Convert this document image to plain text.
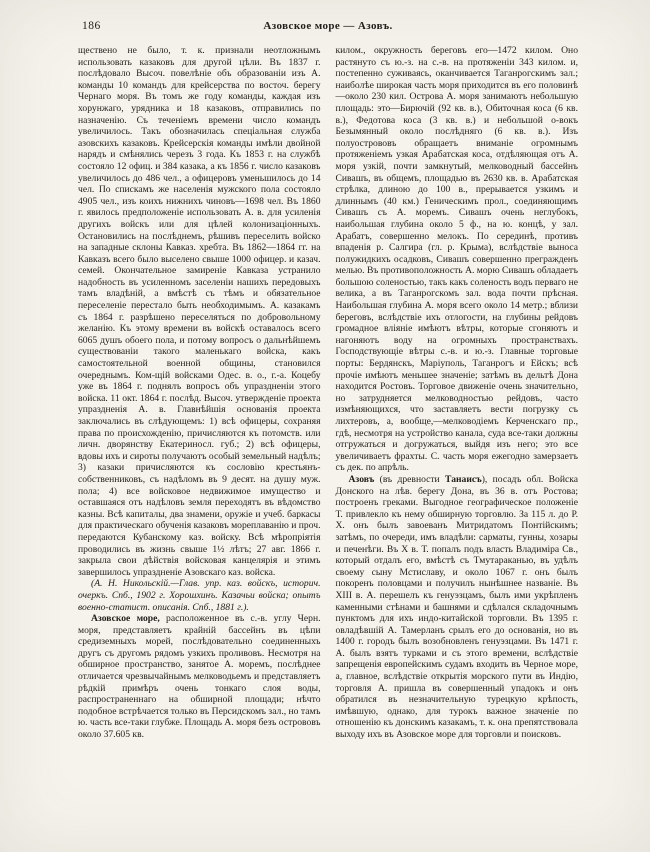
186	Азовское море — Азовъ.

ществено не было, т. к. признали неотложнымъ использовать казаковъ для другой цѣли. Въ 1837 г. послѣдовало Высоч. повелѣніе объ образованіи изъ А. команды 10 командъ для крейсерства по восточ. берегу Чернаго моря. Въ томъ же году команды, каждая изъ хорунжаго, урядника и 18 казаковъ, отправились по назначенію. Съ теченіемъ времени число командъ увеличилось. Такъ обозначилась спеціальная служба азовскихъ казаковъ. Крейсерскія команды имѣли двойной нарядъ и смѣнялись черезъ 3 года. Къ 1853 г. на службѣ состояло 12 офиц. и 384 казака, а къ 1856 г. число казаковъ увеличилось до 486 чел., а офицеровъ уменьшилось до 14 чел. По спискамъ же населенія мужского пола состояло 4905 чел., изъ коихъ нижнихъ чиновъ—1698 чел. Въ 1860 г. явилось предположеніе использовать А. в. для усиленія другихъ войскъ или для цѣлей колонизаціонныхъ. Остановились на послѣднемъ, рѣшивъ переселить войско на западные склоны Кавказ. хребта. Въ 1862—1864 гг. на Кавказъ всего было выселено свыше 1000 офицер. и казач. семей. Окончательное замиреніе Кавказа устранило надобность въ усиленномъ заселеніи нашихъ передовыхъ тамъ владѣній, а вмѣстѣ съ тѣмъ и обязательное переселеніе перестало быть необходимымъ. А. казакамъ съ 1864 г. разрѣшено переселяться по добровольному желанію. Къ этому времени въ войскѣ оставалось всего 6065 душъ обоего пола, и потому вопросъ о дальнѣйшемъ существованіи такого маленькаго войска, какъ самостоятельной военной общины, становился очереднымъ. Ком-щій войсками Одес. в. о., г.-а. Коцебу уже въ 1864 г. поднялъ вопросъ объ упраздненіи этого войска. 11 окт. 1864 г. послѣд. Высоч. утвержденіе проекта упраздненія А. в. Главнѣйшія основанія проекта заключались въ слѣдующемъ: 1) всѣ офицеры, сохраняя права по происхожденію, причисляются къ потомств. или личн. дворянству Екатериносл. губ.; 2) всѣ офицеры, вдовы ихъ и сироты получаютъ особый земельный надѣлъ; 3) казаки причисляются къ сословію крестьянъ-собственниковъ, съ надѣломъ въ 9 десят. на душу муж. пола; 4) все войсковое недвижимое имущество и оставшаяся отъ надѣловъ земля переходятъ въ вѣдомство казны. Всѣ капиталы, два знамени, оружіе и учеб. баркасы для практическаго обученія казаковъ мореплаванію и проч. передаются Кубанскому каз. войску. Всѣ мѣропріятія проводились въ жизнь свыше 1½ лѣтъ; 27 авг. 1866 г. закрыла свои дѣйствія войсковая канцелярія и этимъ завершилось упраздненіе Азовскаго каз. войска.

(А. Н. Никольскій.—Глав. упр. каз. войскъ, историч. очеркъ. Спб., 1902 г. Хорошхинъ. Казачьи войска; опытъ военно-статист. описанія. Спб., 1881 г.).

Азовское море, расположенное въ с.-в. углу Черн. моря, представляетъ крайній бассейнъ въ цѣпи средиземныхъ морей, послѣдовательно соединенныхъ другъ съ другомъ рядомъ узкихъ проливовъ. Несмотря на обширное пространство, занятое А. моремъ, послѣднее отличается чрезвычайнымъ мелководьемъ и представляетъ рѣдкій примѣръ очень тонкаго слоя воды, распространеннаго на обширной площади; нѣчто подобное встрѣчается только въ Персидскомъ зал., но тамъ ю. часть все-таки глубже. Площадь А. моря безъ острововъ около 37.605 кв.

килом., окружность береговъ его—1472 килом. Оно растянуто съ ю.-з. на с.-в. на протяженіи 343 килом. и, постепенно суживаясь, оканчивается Таганрогскимъ зал.; наиболѣе широкая часть моря приходится въ его половинѣ—около 230 кил. Острова А. моря занимаютъ небольшую площадь: это—Бирючій (92 кв. в.), Обиточная коса (6 кв. в.), Федотова коса (3 кв. в.) и небольшой о-вокъ Безымянный около послѣдняго (6 кв. в.). Изъ полуострововъ обращаетъ вниманіе огромнымъ протяженіемъ узкая Арабатская коса, отдѣляющая отъ А. моря узкій, почти замкнутый, мелководный бассейнъ Сивашъ, въ общемъ, площадью въ 2630 кв. в. Арабатская стрѣлка, длиною до 100 в., прерывается узкимъ и длиннымъ (40 км.) Геническимъ прол., соединяющимъ Сивашъ съ А. моремъ. Сивашъ очень неглубокъ, наибольшая глубина около 5 ф., на ю. концѣ, у зал. Арабатъ, совершенно мелокъ. По серединѣ, противъ впаденія р. Салгира (гл. р. Крыма), вслѣдствіе выноса полужидкихъ осадковъ, Сивашъ совершенно прегражденъ мелью. Въ противоположность А. морю Сивашъ обладаетъ большою соленостью, такъ какъ соленость водъ перваго не велика, а въ Таганрогскомъ зал. вода почти прѣсная. Наибольшая глубина А. моря всего около 14 метр.; вблизи береговъ, вслѣдствіе ихъ отлогости, на глубины рейдовъ громадное вліяніе имѣютъ вѣтры, которые сгоняютъ и нагоняютъ воду на огромныхъ пространствахъ. Господствующіе вѣтры с.-в. и ю.-з. Главные торговые порты: Бердянскъ, Маріуполь, Таганрогъ и Ейскъ; всѣ прочіе имѣютъ меньшее значеніе; затѣмъ въ дельтѣ Дона находится Ростовъ. Торговое движеніе очень значительно, но затрудняется мелководностью рейдовъ, часто измѣняющихся, что заставляетъ вести погрузку съ лихтеровъ, а, вообще,—мелководіемъ Керченскаго пр., гдѣ, несмотря на устройство канала, суда все-таки должны отгружаться и догружаться, выйдя изъ него; это все увеличиваетъ фрахты. С. часть моря ежегодно замерзаетъ съ дек. по апрѣль.

Азовъ (въ древности Танаисъ), посадъ обл. Войска Донского на лѣв. берегу Дона, въ 36 в. отъ Ростова; построенъ греками. Выгодное географическое положеніе Т. привлекло къ нему обширную торговлю. За 115 л. до Р. Х. онъ былъ завоеванъ Митридатомъ Понтійскимъ; затѣмъ, по очереди, имъ владѣли: сарматы, гунны, хозары и печенѣги. Въ X в. Т. попалъ подъ власть Владиміра Св., который отдалъ его, вмѣстѣ съ Тмутараканью, въ удѣлъ своему сыну Мстиславу, и около 1067 г. онъ былъ покоренъ половцами и получилъ нынѣшнее названіе. Въ XIII в. А. перешелъ къ генуэзцамъ, былъ ими укрѣпленъ каменными стѣнами и башнями и сдѣлался складочнымъ пунктомъ для ихъ индо-китайской торговли. Въ 1395 г. овладѣвшій А. Тамерланъ срылъ его до основанія, но въ 1400 г. городъ былъ возобновленъ генуэзцами. Въ 1471 г. А. былъ взятъ турками и съ этого времени, вслѣдствіе запрещенія европейскимъ судамъ входить въ Черное море, а, главное, вслѣдствіе открытія морского пути въ Индію, торговля А. пришла въ совершенный упадокъ и онъ обратился въ незначительную турецкую крѣпость, имѣвшую, однако, для турокъ важное значеніе по отношенію къ донскимъ казакамъ, т. к. она препятствовала выходу ихъ въ Азовское море для торговли и поисковъ.
